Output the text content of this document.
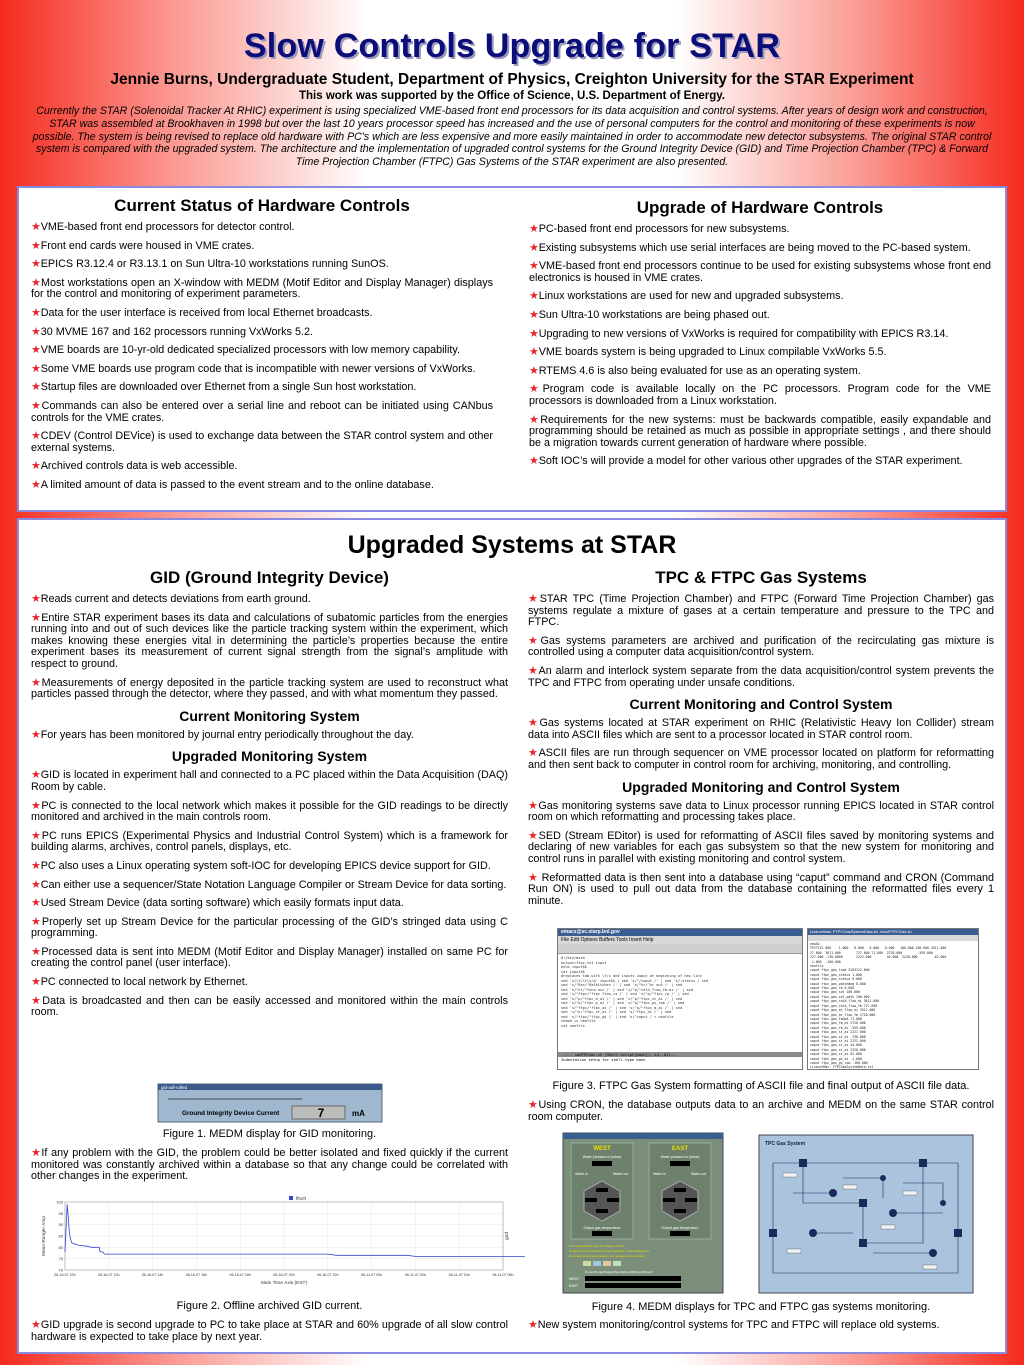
Slow Controls Upgrade for STAR
Jennie Burns, Undergraduate Student, Department of Physics, Creighton University for the STAR Experiment
This work was supported by the Office of Science, U.S. Department of Energy.
Currently the STAR (Solenoidal Tracker At RHIC) experiment is using specialized VME-based front end processors for its data acquisition and control systems. After years of design work and construction, STAR was assembled at Brookhaven in 1998 but over the last 10 years processor speed has increased and the use of personal computers for the control and monitoring of these experiments is now possible. The system is being revised to replace old hardware with PC's which are less expensive and more easily maintained in order to accommodate new detector subsystems. The original STAR control system is compared with the upgraded system. The architecture and the implementation of upgraded control systems for the Ground Integrity Device (GID) and Time Projection Chamber (TPC) & Forward Time Projection Chamber (FTPC) Gas Systems of the STAR experiment are also presented.
Current Status of Hardware Controls
★VME-based front end processors for detector control.
★Front end cards were housed in VME crates.
★EPICS R3.12.4 or R3.13.1 on Sun Ultra-10 workstations running SunOS.
★Most workstations open an X-window with MEDM (Motif Editor and Display Manager) displays for the control and monitoring of experiment parameters.
★Data for the user interface is received from local Ethernet broadcasts.
★30 MVME 167 and 162 processors running VxWorks 5.2.
★VME boards are 10-yr-old dedicated specialized processors with low memory capability.
★Some VME boards use program code that is incompatible with newer versions of VxWorks.
★Startup files are downloaded over Ethernet from a single Sun host workstation.
★Commands can also be entered over a serial line and reboot can be initiated using CANbus controls for the VME crates.
★CDEV (Control DEVice) is used to exchange data between the STAR control system and other external systems.
★Archived controls data is web accessible.
★A limited amount of data is passed to the event stream and to the online database.
Upgrade of Hardware Controls
★PC-based front end processors for new subsystems.
★Existing subsystems which use serial interfaces are being moved to the PC-based system.
★VME-based front end processors continue to be used for existing subsystems whose front end electronics is housed in VME crates.
★Linux workstations are used for new and upgraded subsystems.
★Sun Ultra-10 workstations are being phased out.
★Upgrading to new versions of VxWorks is required for compatibility with EPICS R3.14.
★VME boards system is being upgraded to Linux compilable VxWorks 5.5.
★RTEMS 4.6 is also being evaluated for use as an operating system.
★Program code is available locally on the PC processors. Program code for the VME processors is downloaded from a Linux workstation.
★Requirements for the new systems: must be backwards compatible, easily expandable and programming should be retained as much as possible in appropriate settings , and there should be a migration towards current generation of hardware where possible.
★Soft IOC’s will provide a model for other various other upgrades of the STAR experiment.
Upgraded Systems at STAR
GID (Ground Integrity Device)
★Reads current and detects deviations from earth ground.
★Entire STAR experiment bases its data and calculations of subatomic particles from the energies running into and out of such devices like the particle tracking system within the experiment, which makes knowing these energies vital in determining the particle’s properties because the entire experiment bases its measurement of current signal strength from the signal’s amplitude with respect to ground.
★Measurements of energy deposited in the particle tracking system are used to reconstruct what particles passed through the detector, where they passed, and with what momentum they passed.
Current Monitoring System
★For years has been monitored by journal entry periodically throughout the day.
Upgraded Monitoring System
★GID is located in experiment hall and connected to a PC placed within the Data Acquisition (DAQ) Room by cable.
★PC is connected to the local network which makes it possible for the GID readings to be directly monitored and archived in the main controls room.
★PC runs EPICS (Experimental Physics and Industrial Control System) which is a framework for building alarms, archives, control panels, displays, etc.
★PC also uses a Linux operating system soft-IOC for developing EPICS device support for GID.
★Can either use a sequencer/State Notation Language Compiler or Stream Device for data sorting.
★Used Stream Device (data sorting software) which easily formats input data.
★Properly set up Stream Device for the particular processing of the GID’s stringed data using C programming.
★Processed data is sent into MEDM (Motif Editor and Display Manager) installed on same PC for creating the control panel (user interface).
★PC connected to local network by Ethernet.
★Data is broadcasted and then can be easily accessed and monitored within the main controls room.
gid-adl-rolled
Ground Integrity Device Current	7	mA
Figure 1. MEDM display for GID monitoring.
★If any problem with the GID, the problem could be better isolated and fixed quickly if the current monitored was constantly archived within a database so that any change could be correlated with other changes in the experiment.
100
95
90
85
80
75
70
06-16-07 10h	06-16-07 12h	06-16-07 14h	06-16-07 16h	06-16-07 18h	06-16-07 20h	06-16-07 22h	06-11-07 00h	06-11-07 02h	06-11-07 04h	06-11-07 06h
fftsrft
Mean Ranger Amp
Main Time Axis (EST)
gnd
Figure 2. Offline archived GID current.
★GID upgrade is second upgrade to PC to take place at STAR and 60% upgrade of all slow control hardware is expected to take place by next year.
TPC & FTPC Gas Systems
★STAR TPC (Time Projection Chamber) and FTPC (Forward Time Projection Chamber) gas systems regulate a mixture of gases at a certain temperature and pressure to the TPC and FTPC.
★Gas systems parameters are archived and purification of the recirculating gas mixture is controlled using a computer data acquisition/control system.
★An alarm and interlock system separate from the data acquisition/control system prevents the TPC and FTPC from operating under unsafe conditions.
Current Monitoring and Control System
★Gas systems located at STAR experiment on RHIC (Relativistic Heavy Ion Collider) stream data into ASCII files which are sent to a processor located in STAR control room.
★ASCII files are run through sequencer on VME processor located on platform for reformatting and then sent back to computer in control room for archiving, monitoring, and controlling.
Upgraded Monitoring and Control System
★Gas monitoring systems save data to Linux processor running EPICS located in STAR control room on which reformatting and processing takes place.
★SED (Stream EDitor) is used for reformatting of ASCII files saved by monitoring systems and declaring of new variables for each gas subsystem so that the new system for monitoring and control runs in parallel with existing monitoring and control system.
★ Reformatted data is then sent into a database using “caput” command and CRON (Command Run ON) is used to pull out data from the database containing the reformatted files every 1 minute.
emacs@sc.starp.bnl.gov
File Edit Options Buffers Tools Insert Help
#!/bin/bash
output=ftpc.txt input
echo input$$
cat input$$
#replaces tab with \t\s and inputs caput at beginning of new line
sed 's/\t/\t\s/g' input$$ | sed 's/^/caput /' | sed 's/:status / sed
sed 's/^Rec/^Ratkitchen /' | sed 's/^hr/^hr out /' | sed
sed 's/^hr/^fchd out /' | sed 's/^p/^cold_flow_fm:ai /' | sed
sed 's/^ftpc/^ftpc flow_ra /' | sed 's/^p/^ftpc_rp /' | sed
sed 's/^p/^ftpc_m_ai /' | sed 's/^p/^ftpc_st_ai /' | sed
sed 's/^p/^ftpc_m_ai /' | sed 's/^p/^ftpc_gs_rpm /' | sed
sed 's/^ftpc/^ftpc_ai /' | sed 's/^p/^ftpc_m_ai /' | sed
sed 's/^p/^ftpc_st_ai /' | sed 's/^ftpc_ai /' | sed
sed 's/^ftpc/^ftpc_gs /' | sed 's/^caput / > newfile
chmod +x newfile
cat newfile
--:-- sedTPCGas.sh (Shell-script[bash])--L1--All---
Indentation setup for shell-type bash
LivanorMac: FTPCGasSystemData.txt ./newFTPCGas.sh
newS4
TP27122 000    1.000   0.000   0.000   0.000   100.000 100.000 3511.000
27.000  3611.000        727.000 71.000  2720.000        -559.000
227.000 -730.0000       2222.000        44.000  2220.000        -62.000
-1.000  -100.000
newfile
caput ftpc_gas_time 5163122.000
caput ftpc_gas_status 1.000
caput ftpc_gas_status 0.000
caput ftpc_gas_watchdog 0.000
caput ftpc_gas_fm 0.000
caput ftpc_gas_set 100.000
caput ftpc_gas_set_path 100.000
caput ftpc_gas_cold_flow_ai 3611.000
caput ftpc_gas_cold_flow_fm 727.000
caput ftpc_gas_ar_flow_ai 3511.000
caput ftpc_gas_ar_flow_fm 2720.000
caput ftpc_gas_tempA 71.000
caput ftpc_gas_fm_ai 2720.000
caput ftpc_gas_fm_ai -559.000
caput ftpc_gas_st_ai 2227.000
caput ftpc_gas_st_ai -730.000
caput ftpc_gas_st_ai 2222.000
caput ftpc_gas_st_ai 44.000
caput ftpc_gas_st_ai 2220.000
caput ftpc_gas_st_ai 62.000
caput ftpc_gas_gs_ai -1.000
caput ftpc_gas_gs_rpm -100.000
LivanorMac: FTPCGasSystemData.txt
Figure 3. FTPC Gas System formatting of ASCII file and final output of ASCII file data.
★Using CRON, the database outputs data to an archive and MEDM on the same STAR control room computer.
WEST	EAST
Water pressure in (mbar)	Water pressure in (mbar)
Water in	Water out	Water in	Water out
Output gas temperature	Output gas temperature
CO compensated only at crospain values
Cooling circuit temperatures are recorded in the background
Recorded levels and pressure are updated and recorded
Temp1|Temp2|Temp3|Temp4|Temp5|Temp6|Temp7
WEST
EAST
TPC Gas System
Figure 4. MEDM displays for TPC and FTPC gas systems monitoring.
★New system monitoring/control systems for TPC and FTPC will replace old systems.
